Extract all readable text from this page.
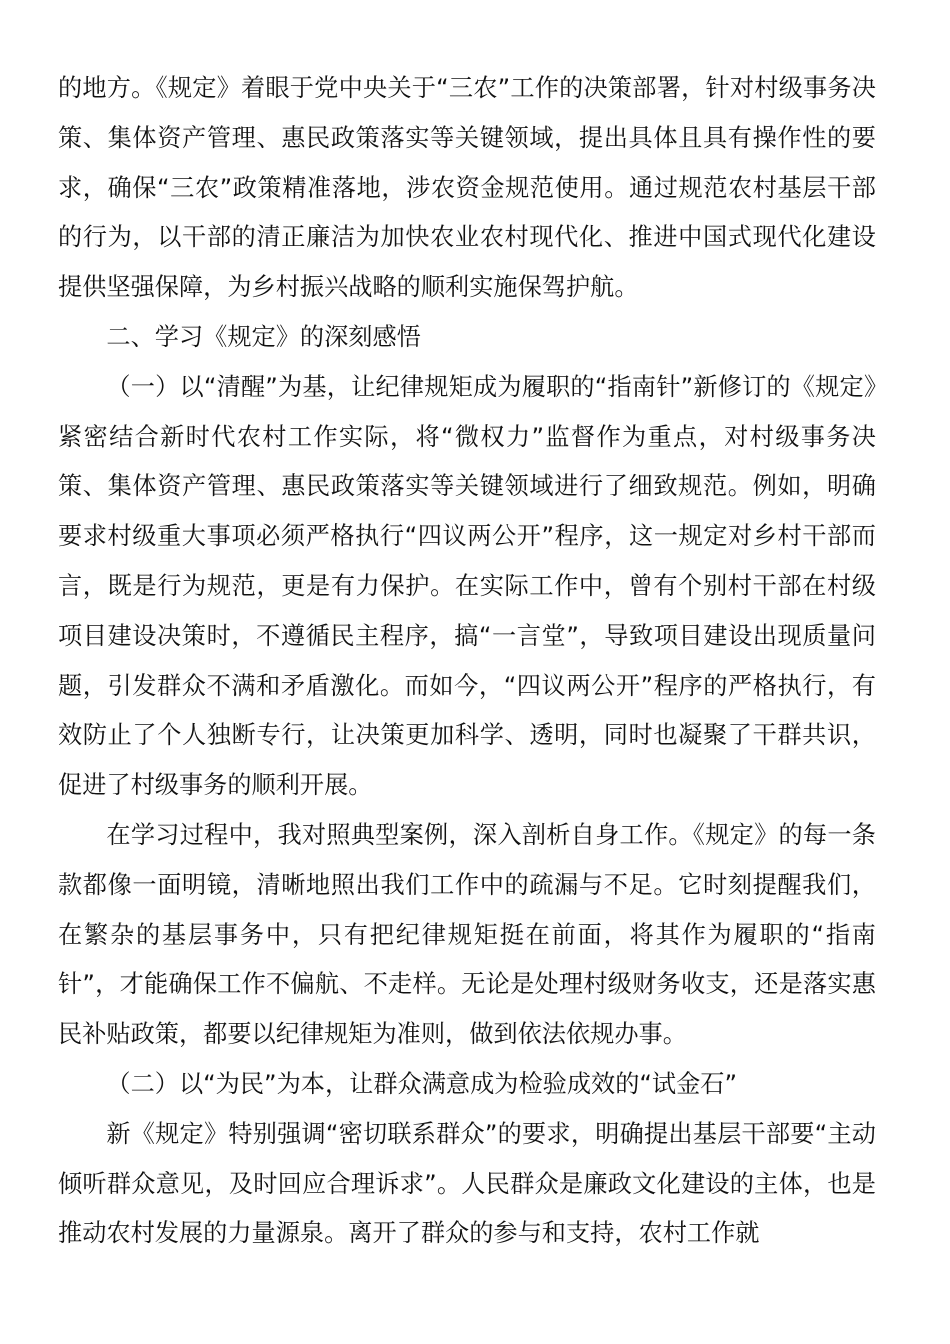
的地方。《规定》着眼于党中央关于“三农”工作的决策部署，针对村级事务决策、集体资产管理、惠民政策落实等关键领域，提出具体且具有操作性的要求，确保“三农”政策精准落地，涉农资金规范使用。通过规范农村基层干部的行为，以干部的清正廉洁为加快农业农村现代化、推进中国式现代化建设提供坚强保障，为乡村振兴战略的顺利实施保驾护航。

二、学习《规定》的深刻感悟

（一）以“清醒”为基，让纪律规矩成为履职的“指南针”新修订的《规定》紧密结合新时代农村工作实际，将“微权力”监督作为重点，对村级事务决策、集体资产管理、惠民政策落实等关键领域进行了细致规范。例如，明确要求村级重大事项必须严格执行“四议两公开”程序，这一规定对乡村干部而言，既是行为规范，更是有力保护。在实际工作中，曾有个别村干部在村级项目建设决策时，不遵循民主程序，搞“一言堂”，导致项目建设出现质量问题，引发群众不满和矛盾激化。而如今，“四议两公开”程序的严格执行，有效防止了个人独断专行，让决策更加科学、透明，同时也凝聚了干群共识，促进了村级事务的顺利开展。

在学习过程中，我对照典型案例，深入剖析自身工作。《规定》的每一条款都像一面明镜，清晰地照出我们工作中的疏漏与不足。它时刻提醒我们，在繁杂的基层事务中，只有把纪律规矩挺在前面，将其作为履职的“指南针”，才能确保工作不偏航、不走样。无论是处理村级财务收支，还是落实惠民补贴政策，都要以纪律规矩为准则，做到依法依规办事。

（二）以“为民”为本，让群众满意成为检验成效的“试金石”

新《规定》特别强调“密切联系群众”的要求，明确提出基层干部要“主动倾听群众意见，及时回应合理诉求”。人民群众是廉政文化建设的主体，也是推动农村发展的力量源泉。离开了群众的参与和支持，农村工作就
